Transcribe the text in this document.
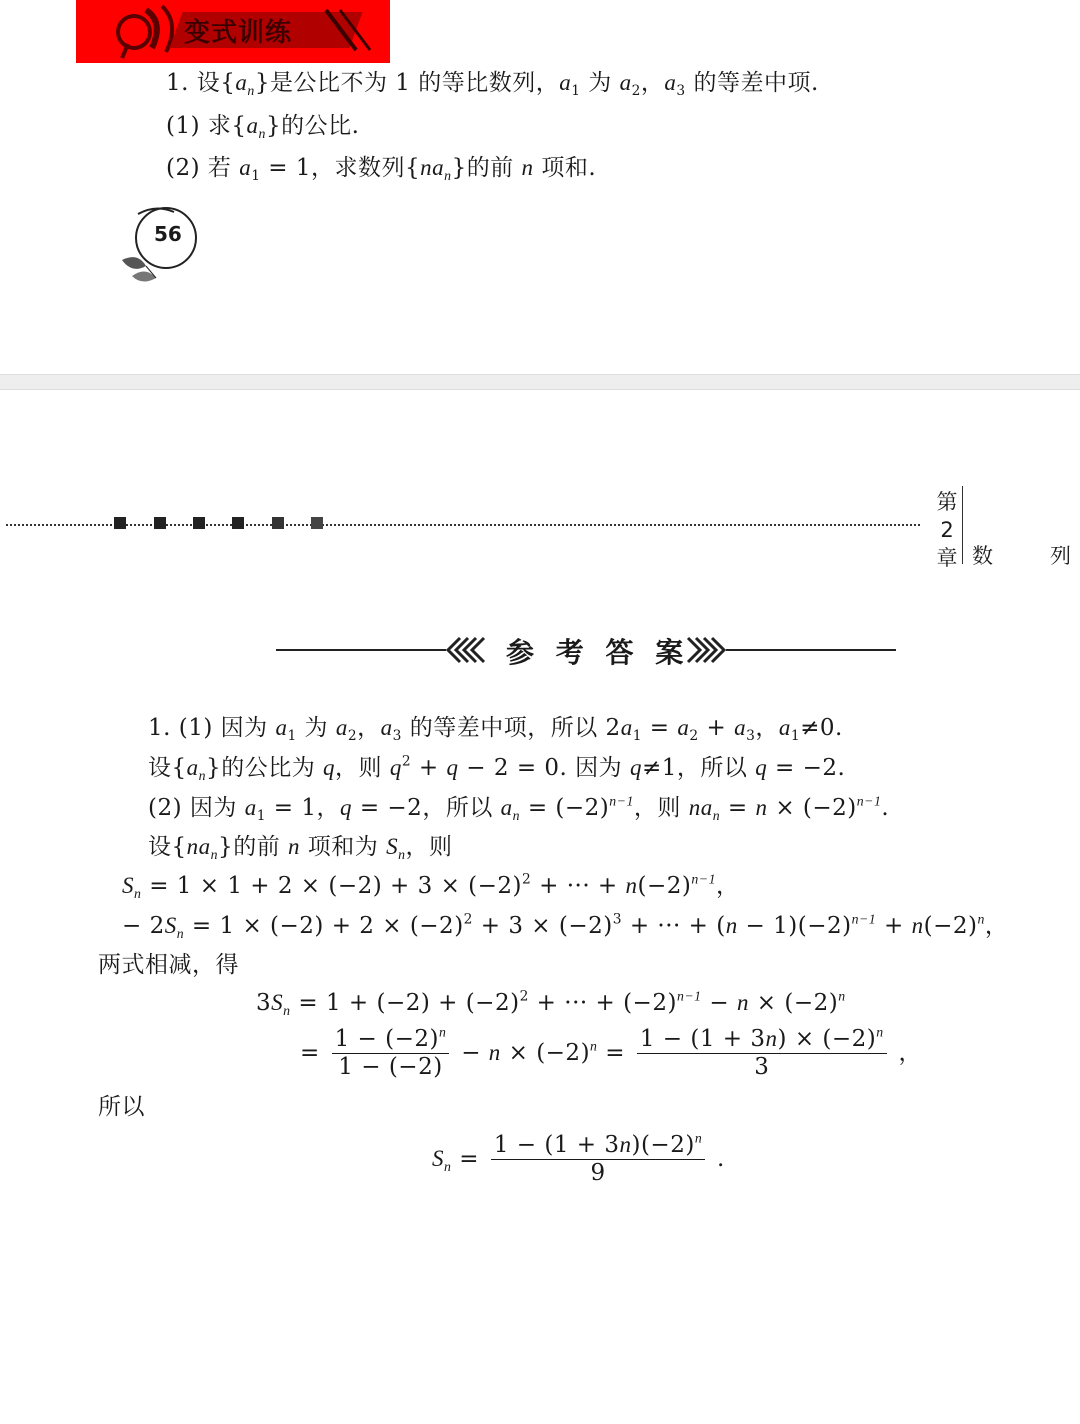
变式训练
1. 设$\{a_n\}$是公比不为 1 的等比数列，$a_1$ 为 $a_2$，$a_3$ 的等差中项.
(1) 求$\{a_n\}$的公比.
(2) 若 $a_1 = 1$，求数列$\{na_n\}$的前 n 项和.
56
第
2
章 数	列
参 考 答 案
1. (1) 因为 $a_1$ 为 $a_2$，$a_3$ 的等差中项，所以 $2a_1 = a_2 + a_3$，$a_1\ne 0$.
设$\{a_n\}$的公比为 q，则 $q^2 + q - 2 = 0$. 因为 q≠1，所以 q = −2.
(2) 因为 $a_1 = 1$，q = −2，所以 $a_n = (-2)^{n-1}$，则 $na_n = n \times (-2)^{n-1}$.
设$\{na_n\}$的前 n 项和为 $S_n$，则
$S_n = 1 \times 1 + 2 \times (-2) + 3 \times (-2)^2$ + ··· + $n(-2)^{n-1}$，
− $2S_n = 1 \times (-2) + 2 \times (-2)^2 + 3 \times (-2)^3$ + ··· + $(n - 1)(-2)^{n-1} + n(-2)^n$，
两式相减，得
$3S_n = 1 + (-2) + (-2)^2$ + ··· + $(-2)^{n-1} - n \times (-2)^n$
= $\frac{1 - (-2)^n}{1 - (-2)} - n \times (-2)^n = \frac{1 - (1 + 3n) \times (-2)^n}{3}$ ，
所以
$S_n = \frac{1 - (1 + 3n)(-2)^n}{9}$ .
